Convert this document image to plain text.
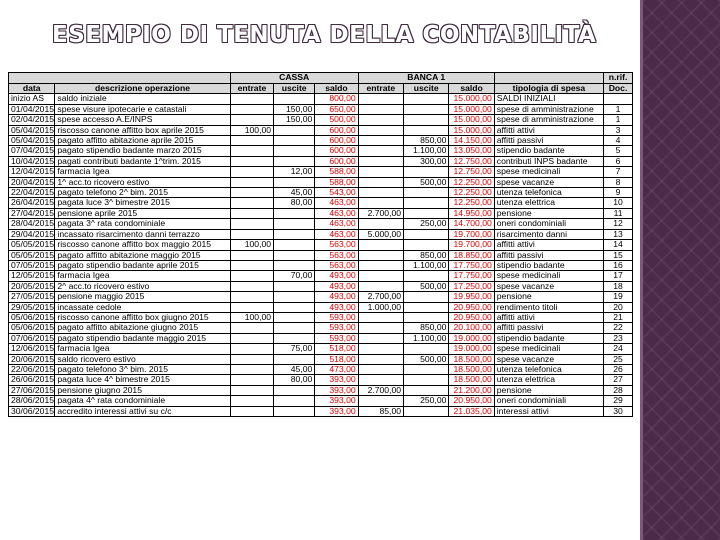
ESEMPIO DI TENUTA DELLA CONTABILITÀ
		CASSA			BANCA 1				n.rif.
data	descrizione operazione	entrate	uscite	saldo	entrate	uscite	saldo	tipologia di spesa	Doc.
inizio AS	saldo iniziale			800,00			15.000,00	SALDI INIZIALI	
01/04/2015	spese visure ipotecarie e catastali		150,00	650,00			15.000,00	spese di amministrazione	1
02/04/2015	spese accesso A.E/INPS		150,00	500,00			15.000,00	spese di amministrazione	1
05/04/2015	riscosso canone affitto box aprile 2015	100,00		600,00			15.000,00	affitti attivi	3
05/04/2015	pagato affitto abitazione aprile 2015			600,00		850,00	14.150,00	affitti passivi	4
07/04/2015	pagato stipendio badante marzo 2015			600,00		1.100,00	13.050,00	stipendio badante	5
10/04/2015	pagati contributi badante 1^trim. 2015			600,00		300,00	12.750,00	contributi INPS badante	6
12/04/2015	farmacia Igea		12,00	588,00			12.750,00	spese medicinali	7
20/04/2015	1^ acc.to ricovero estivo			588,00		500,00	12.250,00	spese vacanze	8
22/04/2015	pagato telefono 2^ bim. 2015		45,00	543,00			12.250,00	utenza telefonica	9
26/04/2015	pagata luce 3^ bimestre 2015		80,00	463,00			12.250,00	utenza elettrica	10
27/04/2015	pensione aprile 2015			463,00	2.700,00		14.950,00	pensione	11
28/04/2015	pagata 3^ rata condominiale			463,00		250,00	14.700,00	oneri condominiali	12
29/04/2015	incassato risarcimento danni terrazzo			463,00	5.000,00		19.700,00	risarcimento danni	13
05/05/2015	riscosso canone affitto box maggio 2015	100,00		563,00			19.700,00	affitti attivi	14
05/05/2015	pagato affitto abitazione maggio 2015			563,00		850,00	18.850,00	affitti passivi	15
07/05/2015	pagato stipendio badante aprile 2015			563,00		1.100,00	17.750,00	stipendio badante	16
12/05/2015	farmacia Igea		70,00	493,00			17.750,00	spese medicinali	17
20/05/2015	2^ acc.to ricovero estivo			493,00		500,00	17.250,00	spese vacanze	18
27/05/2015	pensione maggio 2015			493,00	2.700,00		19.950,00	pensione	19
29/05/2015	incassate cedole			493,00	1.000,00		20.950,00	rendimento titoli	20
05/06/2015	riscosso canone affitto box giugno 2015	100,00		593,00			20.950,00	affitti attivi	21
05/06/2015	pagato affitto abitazione giugno 2015			593,00		850,00	20.100,00	affitti passivi	22
07/06/2015	pagato stipendio badante maggio 2015			593,00		1.100,00	19.000,00	stipendio badante	23
12/06/2015	farmacia Igea		75,00	518,00			19.000,00	spese medicinali	24
20/06/2015	saldo ricovero estivo			518,00		500,00	18.500,00	spese vacanze	25
22/06/2015	pagato telefono 3^ bim. 2015		45,00	473,00			18.500,00	utenza telefonica	26
26/06/2015	pagata luce 4^ bimestre 2015		80,00	393,00			18.500,00	utenza elettrica	27
27/06/2015	pensione giugno 2015			393,00	2.700,00		21.200,00	pensione	28
28/06/2015	pagata 4^ rata condominiale			393,00		250,00	20.950,00	oneri condominiali	29
30/06/2015	accredito interessi attivi su c/c			393,00	85,00		21.035,00	interessi attivi	30
